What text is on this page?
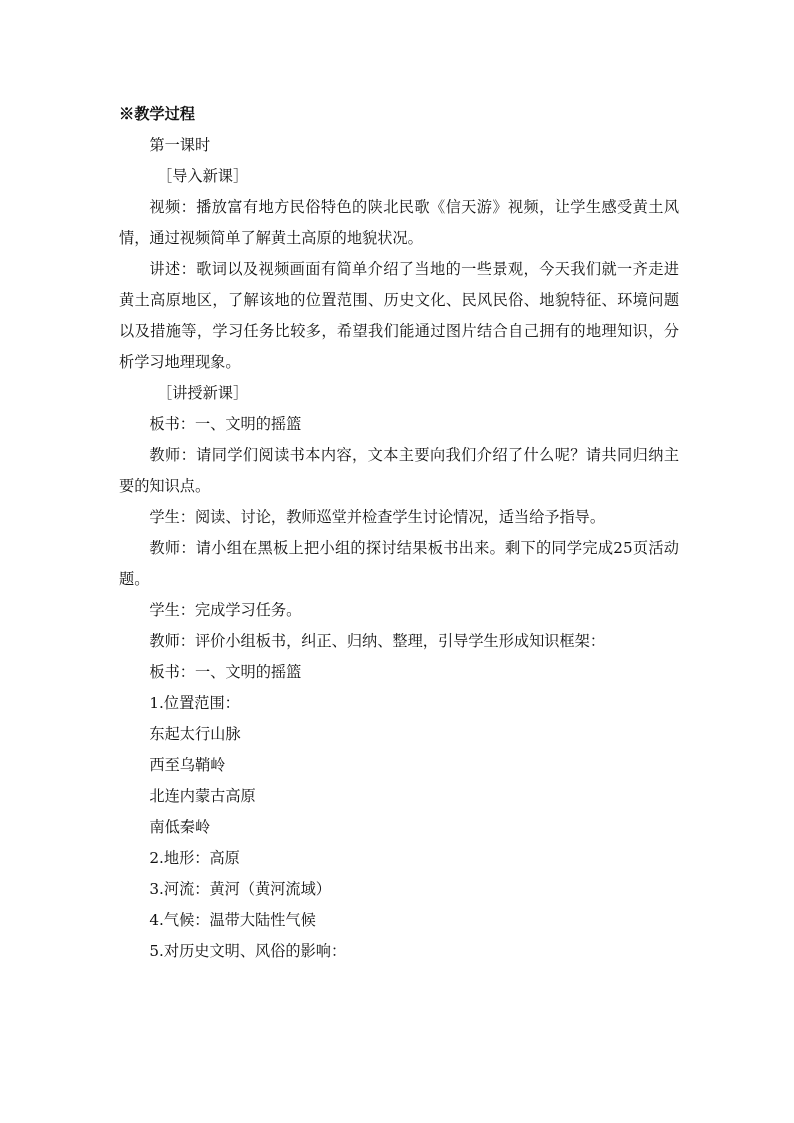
※教学过程
第一课时
［导入新课］
视频：播放富有地方民俗特色的陕北民歌《信天游》视频，让学生感受黄土风情，通过视频简单了解黄土高原的地貌状况。
讲述：歌词以及视频画面有简单介绍了当地的一些景观，今天我们就一齐走进黄土高原地区，了解该地的位置范围、历史文化、民风民俗、地貌特征、环境问题以及措施等，学习任务比较多，希望我们能通过图片结合自己拥有的地理知识，分析学习地理现象。
［讲授新课］
板书：一、文明的摇篮
教师：请同学们阅读书本内容，文本主要向我们介绍了什么呢？请共同归纳主要的知识点。
学生：阅读、讨论，教师巡堂并检查学生讨论情况，适当给予指导。
教师：请小组在黑板上把小组的探讨结果板书出来。剩下的同学完成25页活动题。
学生：完成学习任务。
教师：评价小组板书，纠正、归纳、整理，引导学生形成知识框架：
板书：一、文明的摇篮
1.位置范围：
东起太行山脉
西至乌鞘岭
北连内蒙古高原
南低秦岭
2.地形：高原
3.河流：黄河（黄河流域）
4.气候：温带大陆性气候
5.对历史文明、风俗的影响：
